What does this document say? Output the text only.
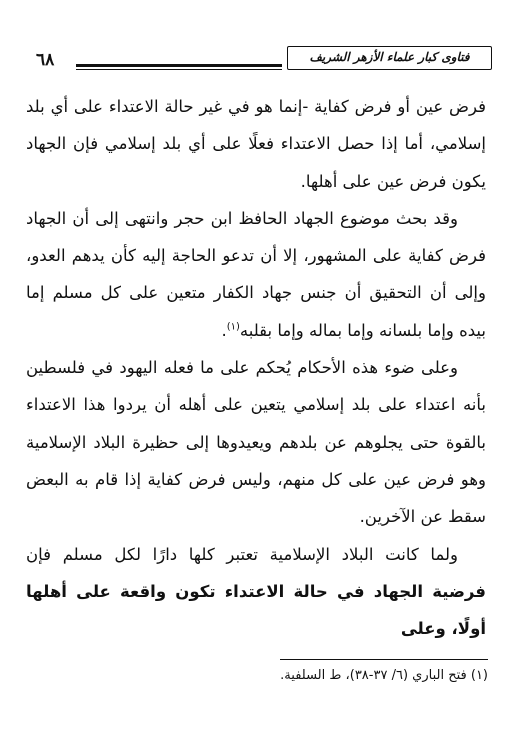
٦٨	فتاوى كبار علماء الأزهر الشريف

فرض عين أو فرض كفاية -إنما هو في غير حالة الاعتداء على أي بلد إسلامي، أما إذا حصل الاعتداء فعلًا على أي بلد إسلامي فإن الجهاد يكون فرض عين على أهلها.

وقد بحث موضوع الجهاد الحافظ ابن حجر وانتهى إلى أن الجهاد فرض كفاية على المشهور، إلا أن تدعو الحاجة إليه كأن يدهم العدو، وإلى أن التحقيق أن جنس جهاد الكفار متعين على كل مسلم إما بيده وإما بلسانه وإما بماله وإما بقلبه$^{(١)}$.

وعلى ضوء هذه الأحكام يُحكم على ما فعله اليهود في فلسطين بأنه اعتداء على بلد إسلامي يتعين على أهله أن يردوا هذا الاعتداء بالقوة حتى يجلوهم عن بلدهم ويعيدوها إلى حظيرة البلاد الإسلامية وهو فرض عين على كل منهم، وليس فرض كفاية إذا قام به البعض سقط عن الآخرين.

ولما كانت البلاد الإسلامية تعتبر كلها دارًا لكل مسلم فإن فرضية الجهاد في حالة الاعتداء تكون واقعة على أهلها أولًا، وعلى

(١) فتح الباري (٦/ ٣٧-٣٨)، ط السلفية.
